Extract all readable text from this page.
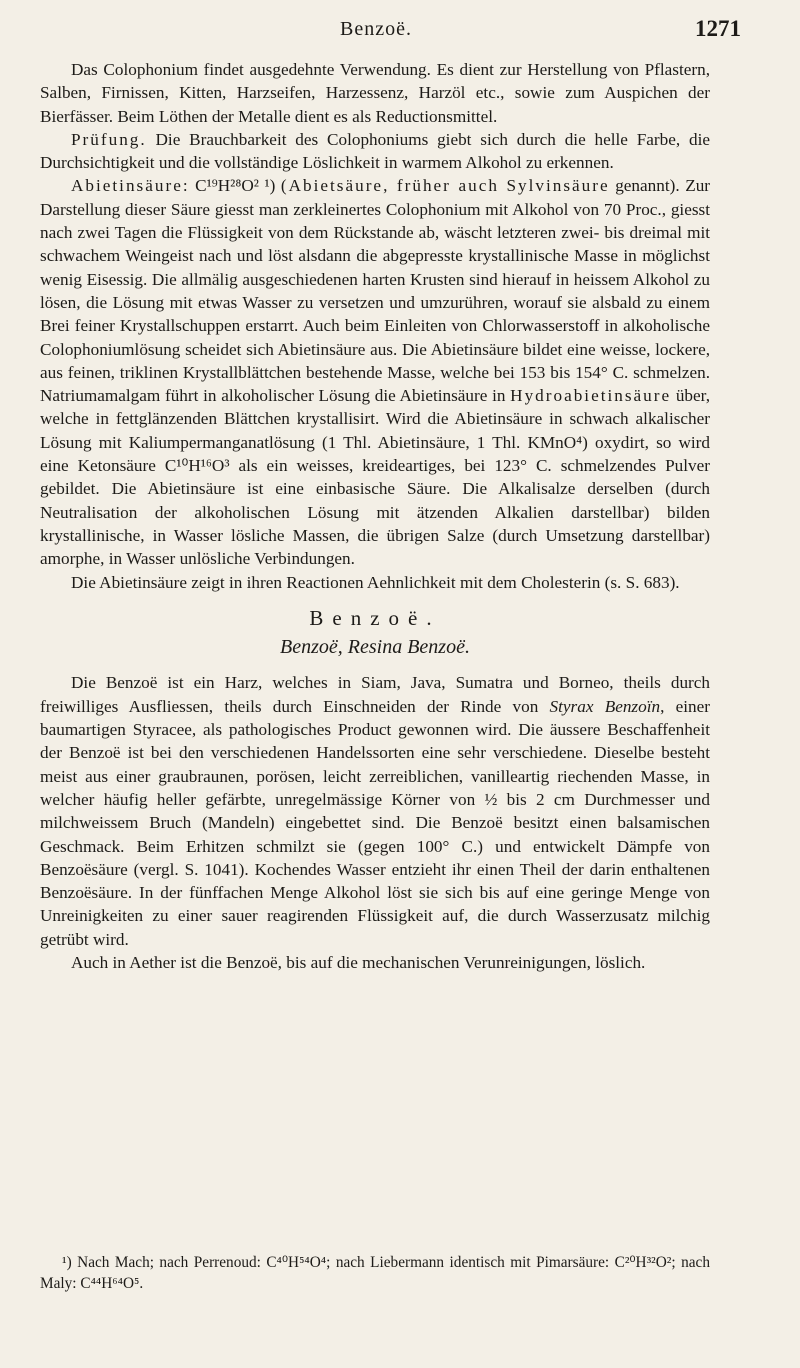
Benzoë.	1271

Das Colophonium findet ausgedehnte Verwendung. Es dient zur Herstellung von Pflastern, Salben, Firnissen, Kitten, Harzseifen, Harzessenz, Harzöl etc., sowie zum Auspichen der Bierfässer. Beim Löthen der Metalle dient es als Reductionsmittel.

Prüfung. Die Brauchbarkeit des Colophoniums giebt sich durch die helle Farbe, die Durchsichtigkeit und die vollständige Löslichkeit in warmem Alkohol zu erkennen.

Abietinsäure: C¹⁹H²⁸O² ¹) (Abietsäure, früher auch Sylvinsäure genannt). Zur Darstellung dieser Säure giesst man zerkleinertes Colophonium mit Alkohol von 70 Proc., giesst nach zwei Tagen die Flüssigkeit von dem Rückstande ab, wäscht letzteren zwei- bis dreimal mit schwachem Weingeist nach und löst alsdann die abgepresste krystallinische Masse in möglichst wenig Eisessig. Die allmälig ausgeschiedenen harten Krusten sind hierauf in heissem Alkohol zu lösen, die Lösung mit etwas Wasser zu versetzen und umzurühren, worauf sie alsbald zu einem Brei feiner Krystallschuppen erstarrt. Auch beim Einleiten von Chlorwasserstoff in alkoholische Colophoniumlösung scheidet sich Abietinsäure aus. Die Abietinsäure bildet eine weisse, lockere, aus feinen, triklinen Krystallblättchen bestehende Masse, welche bei 153 bis 154° C. schmelzen. Natriumamalgam führt in alkoholischer Lösung die Abietinsäure in Hydroabietinsäure über, welche in fettglänzenden Blättchen krystallisirt. Wird die Abietinsäure in schwach alkalischer Lösung mit Kaliumpermanganatlösung (1 Thl. Abietinsäure, 1 Thl. KMnO⁴) oxydirt, so wird eine Ketonsäure C¹⁰H¹⁶O³ als ein weisses, kreideartiges, bei 123° C. schmelzendes Pulver gebildet. Die Abietinsäure ist eine einbasische Säure. Die Alkalisalze derselben (durch Neutralisation der alkoholischen Lösung mit ätzenden Alkalien darstellbar) bilden krystallinische, in Wasser lösliche Massen, die übrigen Salze (durch Umsetzung darstellbar) amorphe, in Wasser unlösliche Verbindungen.

Die Abietinsäure zeigt in ihren Reactionen Aehnlichkeit mit dem Cholesterin (s. S. 683).

Benzoë.
Benzoë, Resina Benzoë.

Die Benzoë ist ein Harz, welches in Siam, Java, Sumatra und Borneo, theils durch freiwilliges Ausfliessen, theils durch Einschneiden der Rinde von Styrax Benzoïn, einer baumartigen Styracee, als pathologisches Product gewonnen wird. Die äussere Beschaffenheit der Benzoë ist bei den verschiedenen Handelssorten eine sehr verschiedene. Dieselbe besteht meist aus einer graubraunen, porösen, leicht zerreiblichen, vanilleartig riechenden Masse, in welcher häufig heller gefärbte, unregelmässige Körner von ½ bis 2 cm Durchmesser und milchweissem Bruch (Mandeln) eingebettet sind. Die Benzoë besitzt einen balsamischen Geschmack. Beim Erhitzen schmilzt sie (gegen 100° C.) und entwickelt Dämpfe von Benzoësäure (vergl. S. 1041). Kochendes Wasser entzieht ihr einen Theil der darin enthaltenen Benzoësäure. In der fünffachen Menge Alkohol löst sie sich bis auf eine geringe Menge von Unreinigkeiten zu einer sauer reagirenden Flüssigkeit auf, die durch Wasserzusatz milchig getrübt wird.

Auch in Aether ist die Benzoë, bis auf die mechanischen Verunreinigungen, löslich.

¹) Nach Mach; nach Perrenoud: C⁴⁰H⁵⁴O⁴; nach Liebermann identisch mit Pimarsäure: C²⁰H³²O²; nach Maly: C⁴⁴H⁶⁴O⁵.
